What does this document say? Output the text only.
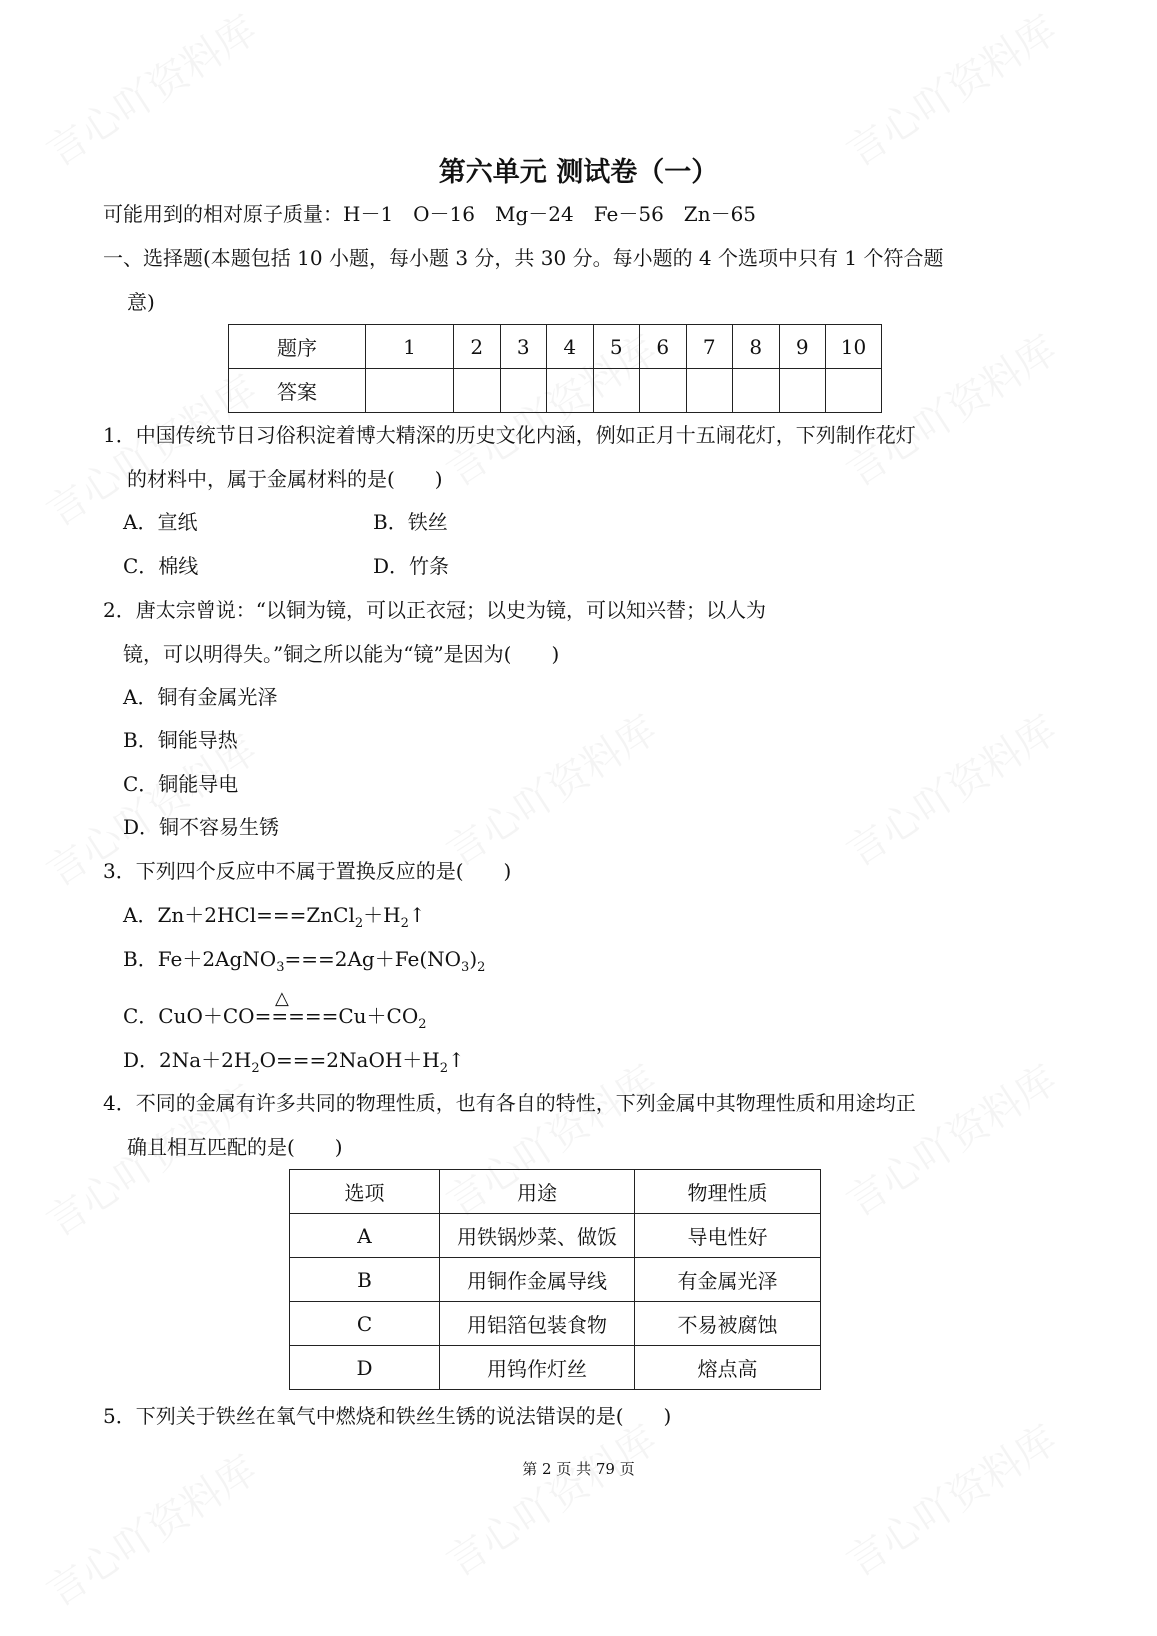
第六单元 测试卷（一）
可能用到的相对原子质量：H－1　O－16　Mg－24　Fe－56　Zn－65
一、选择题(本题包括 10 小题，每小题 3 分，共 30 分。每小题的 4 个选项中只有 1 个符合题
意)
题序	1	2	3	4	5	6	7	8	9	10
答案										
1．中国传统节日习俗积淀着博大精深的历史文化内涵，例如正月十五闹花灯，下列制作花灯
的材料中，属于金属材料的是(　　)
A．宣纸	B．铁丝
C．棉线	D．竹条
2．唐太宗曾说：“以铜为镜，可以正衣冠；以史为镜，可以知兴替；以人为
镜，可以明得失。”铜之所以能为“镜”是因为(　　)
A．铜有金属光泽
B．铜能导热
C．铜能导电
D．铜不容易生锈
3．下列四个反应中不属于置换反应的是(　　)
A．$Zn+2HCl===ZnCl_2+H_2↑$
B．$Fe+2AgNO_3===2Ag+Fe(NO_3)_2$
△
C．$CuO+CO=====Cu+CO_2$
D．$2Na+2H_2O===2NaOH+H_2↑$
4．不同的金属有许多共同的物理性质，也有各自的特性，下列金属中其物理性质和用途均正
确且相互匹配的是(　　)
选项	用途	物理性质
A	用铁锅炒菜、做饭	导电性好
B	用铜作金属导线	有金属光泽
C	用铝箔包装食物	不易被腐蚀
D	用钨作灯丝	熔点高
5．下列关于铁丝在氧气中燃烧和铁丝生锈的说法错误的是(　　)
第 2 页 共 79 页
